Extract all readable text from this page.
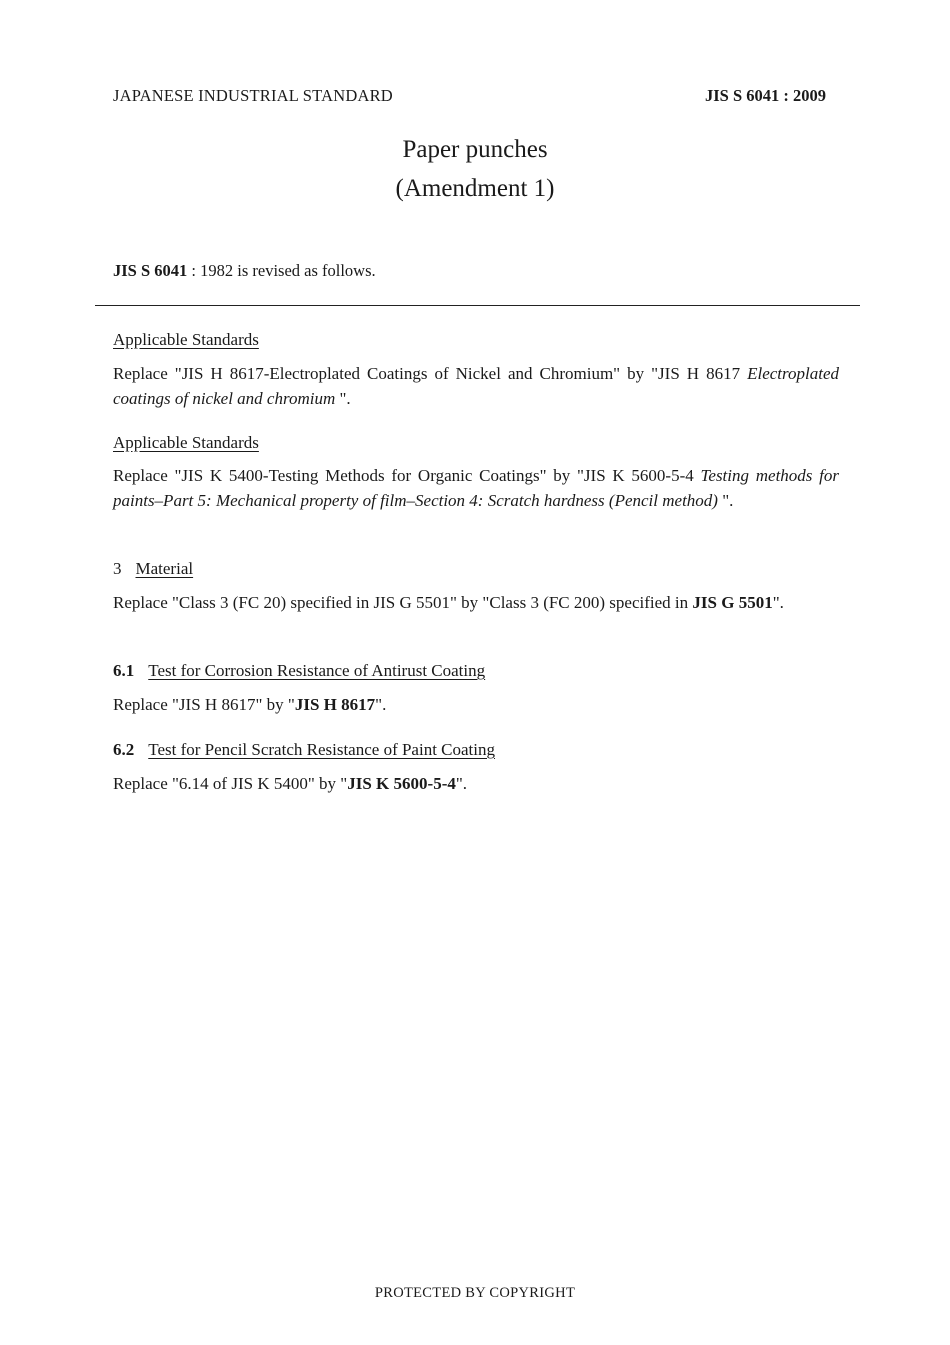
JAPANESE INDUSTRIAL STANDARD	JIS S 6041 : 2009
Paper punches
(Amendment 1)
JIS S 6041 : 1982 is revised as follows.
Applicable Standards
Replace "JIS H 8617-Electroplated Coatings of Nickel and Chromium" by "JIS H 8617 Electroplated coatings of nickel and chromium ".
Applicable Standards
Replace "JIS K 5400-Testing Methods for Organic Coatings" by "JIS K 5600-5-4 Testing methods for paints–Part 5: Mechanical property of film–Section 4: Scratch hardness (Pencil method) ".
3 Material
Replace "Class 3 (FC 20) specified in JIS G 5501" by "Class 3 (FC 200) specified in JIS G 5501".
6.1 Test for Corrosion Resistance of Antirust Coating
Replace "JIS H 8617" by "JIS H 8617".
6.2 Test for Pencil Scratch Resistance of Paint Coating
Replace "6.14 of JIS K 5400" by "JIS K 5600-5-4".
PROTECTED BY COPYRIGHT
